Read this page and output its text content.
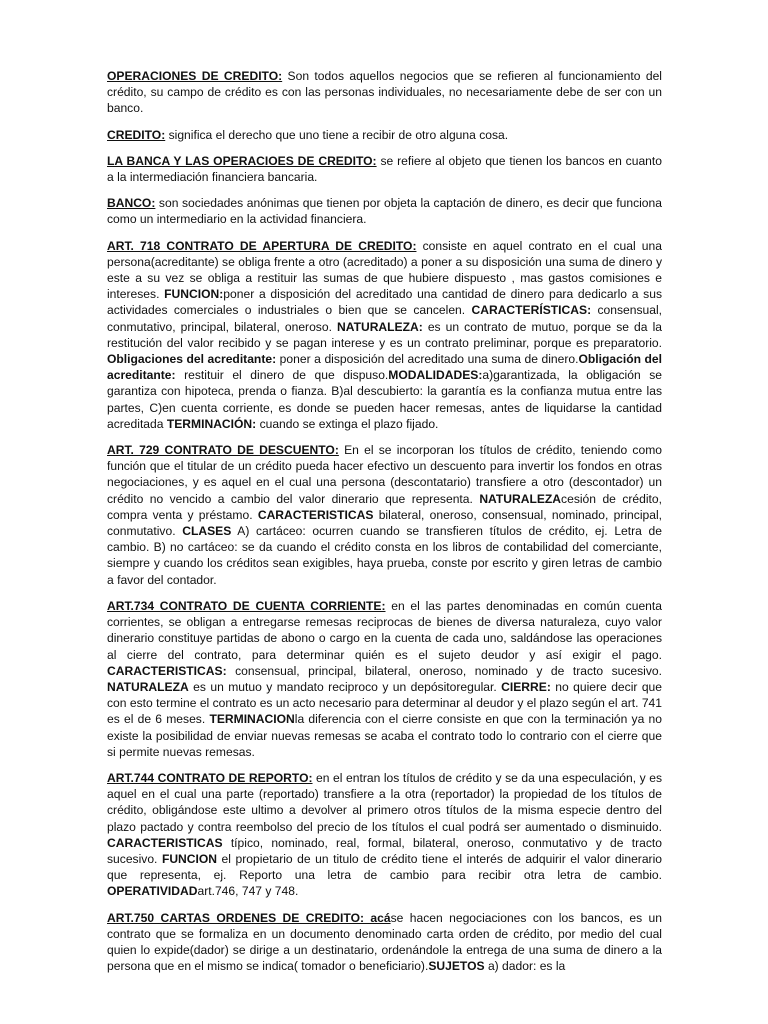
OPERACIONES DE CREDITO: Son todos aquellos negocios que se refieren al funcionamiento del crédito, su campo de crédito es con las personas individuales, no necesariamente debe de ser con un banco.

CREDITO: significa el derecho que uno tiene a recibir de otro alguna cosa.

LA BANCA Y LAS OPERACIOES DE CREDITO: se refiere al objeto que tienen los bancos en cuanto a la intermediación financiera bancaria.

BANCO: son sociedades anónimas que tienen por objeta la captación de dinero, es decir que funciona como un intermediario en la actividad financiera.

ART. 718 CONTRATO DE APERTURA DE CREDITO: consiste en aquel contrato en el cual una persona(acreditante) se obliga frente a otro (acreditado) a poner a su disposición una suma de dinero y este a su vez se obliga a restituir las sumas de que hubiere dispuesto , mas gastos comisiones e intereses. FUNCION:poner a disposición del acreditado una cantidad de dinero para dedicarlo a sus actividades comerciales o industriales o bien que se cancelen. CARACTERÍSTICAS: consensual, conmutativo, principal, bilateral, oneroso. NATURALEZA: es un contrato de mutuo, porque se da la restitución del valor recibido y se pagan interese y es un contrato preliminar, porque es preparatorio. Obligaciones del acreditante: poner a disposición del acreditado una suma de dinero.Obligación del acreditante: restituir el dinero de que dispuso.MODALIDADES:a)garantizada, la obligación se garantiza con hipoteca, prenda o fianza. B)al descubierto: la garantía es la confianza mutua entre las partes, C)en cuenta corriente, es donde se pueden hacer remesas, antes de liquidarse la cantidad acreditada TERMINACIÓN: cuando se extinga el plazo fijado.

ART. 729 CONTRATO DE DESCUENTO: En el se incorporan los títulos de crédito, teniendo como función que el titular de un crédito pueda hacer efectivo un descuento para invertir los fondos en otras negociaciones, y es aquel en el cual una persona (descontatario) transfiere a otro (descontador) un crédito no vencido a cambio del valor dinerario que representa. NATURALEZAcesión de crédito, compra venta y préstamo. CARACTERISTICAS bilateral, oneroso, consensual, nominado, principal, conmutativo. CLASES A) cartáceo: ocurren cuando se transfieren títulos de crédito, ej. Letra de cambio. B) no cartáceo: se da cuando el crédito consta en los libros de contabilidad del comerciante, siempre y cuando los créditos sean exigibles, haya prueba, conste por escrito y giren letras de cambio a favor del contador.

ART.734 CONTRATO DE CUENTA CORRIENTE: en el las partes denominadas en común cuenta corrientes, se obligan a entregarse remesas reciprocas de bienes de diversa naturaleza, cuyo valor dinerario constituye partidas de abono o cargo en la cuenta de cada uno, saldándose las operaciones al cierre del contrato, para determinar quién es el sujeto deudor y así exigir el pago. CARACTERISTICAS: consensual, principal, bilateral, oneroso, nominado y de tracto sucesivo. NATURALEZA es un mutuo y mandato reciproco y un depósitoregular. CIERRE: no quiere decir que con esto termine el contrato es un acto necesario para determinar al deudor y el plazo según el art. 741 es el de 6 meses. TERMINACIONla diferencia con el cierre consiste en que con la terminación ya no existe la posibilidad de enviar nuevas remesas se acaba el contrato todo lo contrario con el cierre que si permite nuevas remesas.

ART.744 CONTRATO DE REPORTO: en el entran los títulos de crédito y se da una especulación, y es aquel en el cual una parte (reportado) transfiere a la otra (reportador) la propiedad de los títulos de crédito, obligándose este ultimo a devolver al primero otros títulos de la misma especie dentro del plazo pactado y contra reembolso del precio de los títulos el cual podrá ser aumentado o disminuido. CARACTERISTICAS típico, nominado, real, formal, bilateral, oneroso, conmutativo y de tracto sucesivo. FUNCION el propietario de un titulo de crédito tiene el interés de adquirir el valor dinerario que representa, ej. Reporto una letra de cambio para recibir otra letra de cambio. OPERATIVIDADart.746, 747 y 748.

ART.750 CARTAS ORDENES DE CREDITO: acáse hacen negociaciones con los bancos, es un contrato que se formaliza en un documento denominado carta orden de crédito, por medio del cual quien lo expide(dador) se dirige a un destinatario, ordenándole la entrega de una suma de dinero a la persona que en el mismo se indica( tomador o beneficiario).SUJETOS a) dador: es la
